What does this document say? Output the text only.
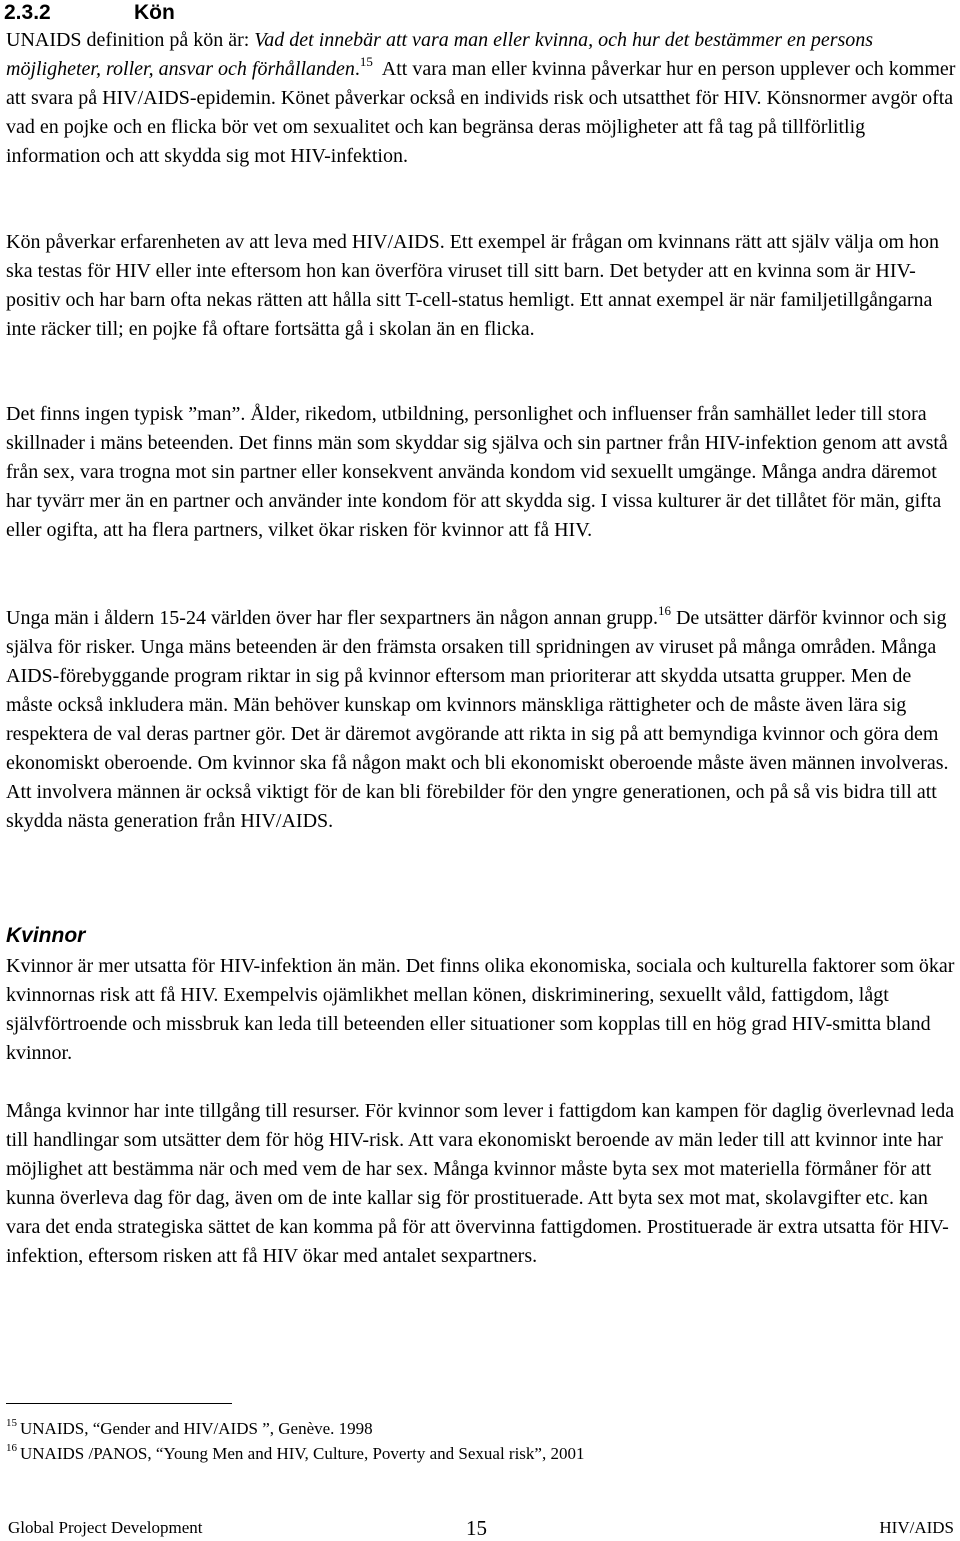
2.3.2	Kön

UNAIDS definition på kön är: Vad det innebär att vara man eller kvinna, och hur det bestämmer en persons möjligheter, roller, ansvar och förhållanden.$^{15}$  Att vara man eller kvinna påverkar hur en person upplever och kommer att svara på HIV/AIDS-epidemin. Könet påverkar också en individs risk och utsatthet för HIV. Könsnormer avgör ofta vad en pojke och en flicka bör vet om sexualitet och kan begränsa deras möjligheter att få tag på tillförlitlig information och att skydda sig mot HIV-infektion.

Kön påverkar erfarenheten av att leva med HIV/AIDS. Ett exempel är frågan om kvinnans rätt att själv välja om hon ska testas för HIV eller inte eftersom hon kan överföra viruset till sitt barn. Det betyder att en kvinna som är HIV-positiv och har barn ofta nekas rätten att hålla sitt T-cell-status hemligt. Ett annat exempel är när familjetillgångarna inte räcker till; en pojke få oftare fortsätta gå i skolan än en flicka.

Det finns ingen typisk ”man”. Ålder, rikedom, utbildning, personlighet och influenser från samhället leder till stora skillnader i mäns beteenden. Det finns män som skyddar sig själva och sin partner från HIV-infektion genom att avstå från sex, vara trogna mot sin partner eller konsekvent använda kondom vid sexuellt umgänge. Många andra däremot har tyvärr mer än en partner och använder inte kondom för att skydda sig. I vissa kulturer är det tillåtet för män, gifta eller ogifta, att ha flera partners, vilket ökar risken för kvinnor att få HIV.

Unga män i åldern 15-24 världen över har fler sexpartners än någon annan grupp.$^{16}$ De utsätter därför kvinnor och sig själva för risker. Unga mäns beteenden är den främsta orsaken till spridningen av viruset på många områden. Många AIDS-förebyggande program riktar in sig på kvinnor eftersom man prioriterar att skydda utsatta grupper. Men de måste också inkludera män. Män behöver kunskap om kvinnors mänskliga rättigheter och de måste även lära sig respektera de val deras partner gör. Det är däremot avgörande att rikta in sig på att bemyndiga kvinnor och göra dem ekonomiskt oberoende. Om kvinnor ska få någon makt och bli ekonomiskt oberoende måste även männen involveras. Att involvera männen är också viktigt för de kan bli förebilder för den yngre generationen, och på så vis bidra till att skydda nästa generation från HIV/AIDS.

Kvinnor

Kvinnor är mer utsatta för HIV-infektion än män. Det finns olika ekonomiska, sociala och kulturella faktorer som ökar kvinnornas risk att få HIV. Exempelvis ojämlikhet mellan könen, diskriminering, sexuellt våld, fattigdom, lågt självförtroende och missbruk kan leda till beteenden eller situationer som kopplas till en hög grad HIV-smitta bland kvinnor.

Många kvinnor har inte tillgång till resurser. För kvinnor som lever i fattigdom kan kampen för daglig överlevnad leda till handlingar som utsätter dem för hög HIV-risk. Att vara ekonomiskt beroende av män leder till att kvinnor inte har möjlighet att bestämma när och med vem de har sex. Många kvinnor måste byta sex mot materiella förmåner för att kunna överleva dag för dag, även om de inte kallar sig för prostituerade. Att byta sex mot mat, skolavgifter etc. kan vara det enda strategiska sättet de kan komma på för att övervinna fattigdomen. Prostituerade är extra utsatta för HIV-infektion, eftersom risken att få HIV ökar med antalet sexpartners.

$^{15}$ UNAIDS, “Gender and HIV/AIDS ”, Genève. 1998

$^{16}$ UNAIDS /PANOS, “Young Men and HIV, Culture, Poverty and Sexual risk”, 2001

Global Project Development	15	HIV/AIDS
